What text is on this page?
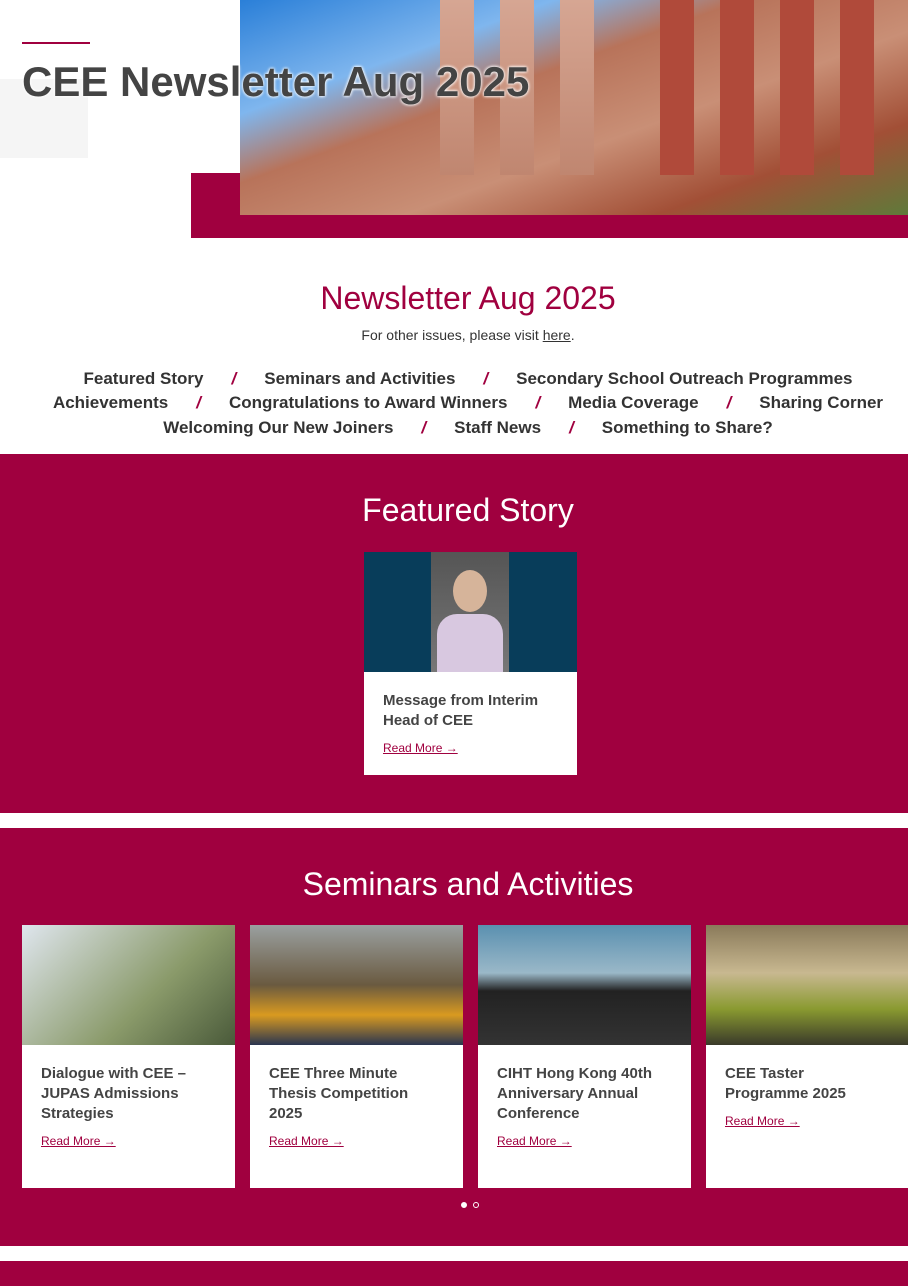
CEE Newsletter Aug 2025
Newsletter Aug 2025

For other issues, please visit here.

Featured Story / Seminars and Activities / Secondary School Outreach Programmes
Achievements / Congratulations to Award Winners / Media Coverage / Sharing Corner
Welcoming Our New Joiners / Staff News / Something to Share?
Featured Story
Message from Interim Head of CEE
Read More →
Seminars and Activities
Dialogue with CEE – JUPAS Admissions Strategies
Read More →
CEE Three Minute Thesis Competition 2025
Read More →
CIHT Hong Kong 40th Anniversary Annual Conference
Read More →
CEE Taster Programme 2025
Read More →
